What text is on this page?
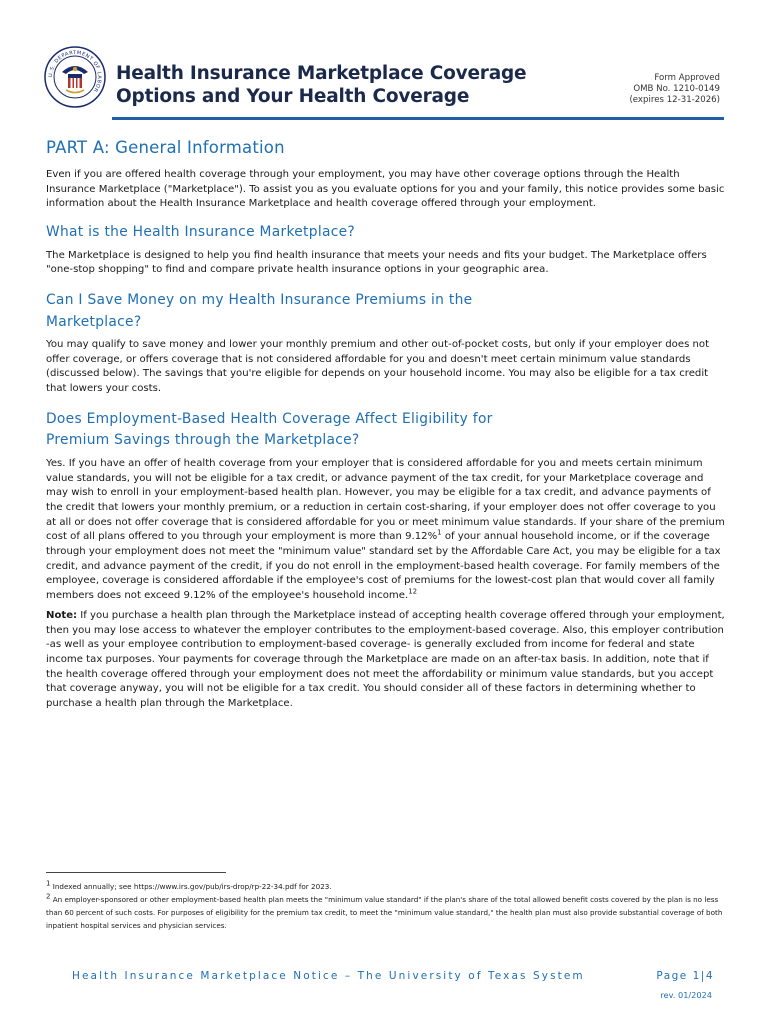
U.S. DEPARTMENT OF LABOR
Health Insurance Marketplace Coverage
Options and Your Health Coverage
Form Approved
OMB No. 1210-0149
(expires 12-31-2026)
PART A: General Information

Even if you are offered health coverage through your employment, you may have other coverage options through the Health Insurance Marketplace ("Marketplace"). To assist you as you evaluate options for you and your family, this notice provides some basic information about the Health Insurance Marketplace and health coverage offered through your employment.

What is the Health Insurance Marketplace?

The Marketplace is designed to help you find health insurance that meets your needs and fits your budget. The Marketplace offers "one-stop shopping" to find and compare private health insurance options in your geographic area.

Can I Save Money on my Health Insurance Premiums in the
Marketplace?

You may qualify to save money and lower your monthly premium and other out-of-pocket costs, but only if your employer does not offer coverage, or offers coverage that is not considered affordable for you and doesn't meet certain minimum value standards (discussed below). The savings that you're eligible for depends on your household income. You may also be eligible for a tax credit that lowers your costs.

Does Employment-Based Health Coverage Affect Eligibility for
Premium Savings through the Marketplace?

Yes. If you have an offer of health coverage from your employer that is considered affordable for you and meets certain minimum value standards, you will not be eligible for a tax credit, or advance payment of the tax credit, for your Marketplace coverage and may wish to enroll in your employment-based health plan. However, you may be eligible for a tax credit, and advance payments of the credit that lowers your monthly premium, or a reduction in certain cost-sharing, if your employer does not offer coverage to you at all or does not offer coverage that is considered affordable for you or meet minimum value standards. If your share of the premium cost of all plans offered to you through your employment is more than 9.12%$^1$ of your annual household income, or if the coverage through your employment does not meet the "minimum value" standard set by the Affordable Care Act, you may be eligible for a tax credit, and advance payment of the credit, if you do not enroll in the employment-based health coverage. For family members of the employee, coverage is considered affordable if the employee's cost of premiums for the lowest-cost plan that would cover all family members does not exceed 9.12% of the employee's household income.$^{12}$

Note: If you purchase a health plan through the Marketplace instead of accepting health coverage offered through your employment, then you may lose access to whatever the employer contributes to the employment-based coverage. Also, this employer contribution -as well as your employee contribution to employment-based coverage- is generally excluded from income for federal and state income tax purposes. Your payments for coverage through the Marketplace are made on an after-tax basis. In addition, note that if the health coverage offered through your employment does not meet the affordability or minimum value standards, but you accept that coverage anyway, you will not be eligible for a tax credit. You should consider all of these factors in determining whether to purchase a health plan through the Marketplace.

$^1$ Indexed annually; see https://www.irs.gov/pub/irs-drop/rp-22-34.pdf for 2023.

$^2$ An employer-sponsored or other employment-based health plan meets the "minimum value standard" if the plan's share of the total allowed benefit costs covered by the plan is no less than 60 percent of such costs. For purposes of eligibility for the premium tax credit, to meet the "minimum value standard," the health plan must also provide substantial coverage of both inpatient hospital services and physician services.

Health Insurance Marketplace Notice – The University of Texas System	Page 1|4
rev. 01/2024
